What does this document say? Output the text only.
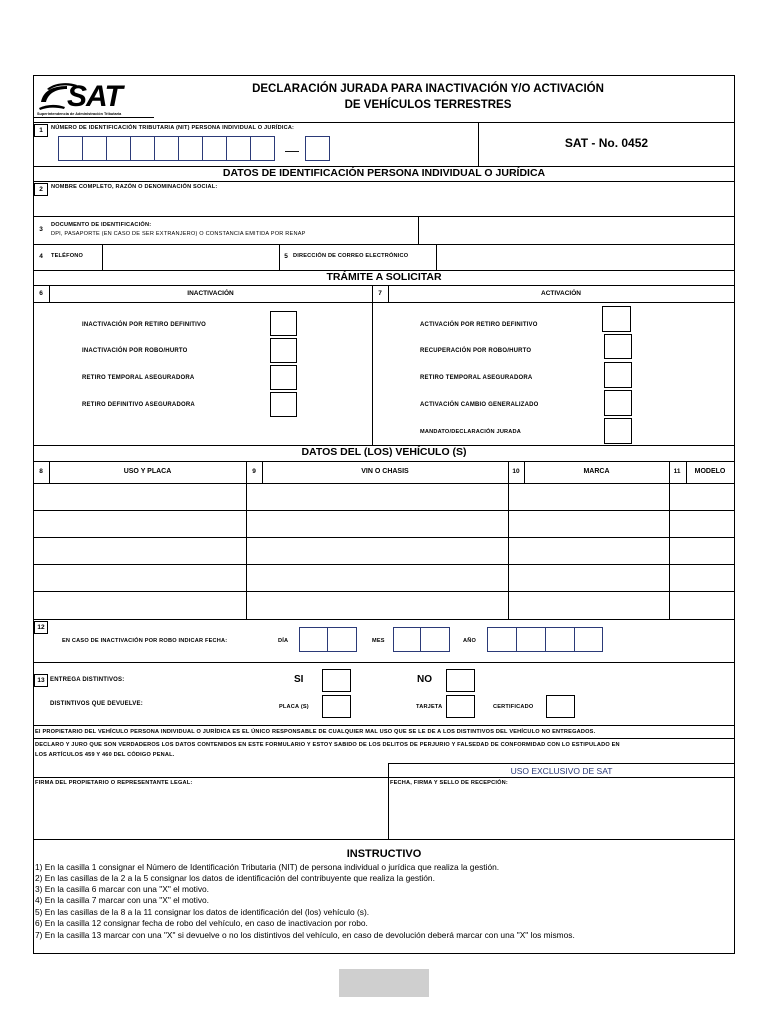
SAT
Superintendencia de Administración Tributaria
DECLARACIÓN JURADA PARA INACTIVACIÓN Y/O ACTIVACIÓN
DE VEHÍCULOS TERRESTRES
1	NÚMERO DE IDENTIFICACIÓN TRIBUTARIA (NIT) PERSONA INDIVIDUAL O JURÍDICA:
—	SAT - No. 0452
DATOS DE IDENTIFICACIÓN PERSONA INDIVIDUAL O JURÍDICA
2	NOMBRE COMPLETO, RAZÓN O DENOMINACIÓN SOCIAL:
3
DOCUMENTO DE IDENTIFICACIÓN:
DPI, PASAPORTE (EN CASO DE SER EXTRANJERO) O CONSTANCIA EMITIDA POR RENAP
4	TELÉFONO	5 DIRECCIÓN DE CORREO ELECTRÓNICO
TRÁMITE A SOLICITAR
6	INACTIVACIÓN	7	ACTIVACIÓN
INACTIVACIÓN POR RETIRO DEFINITIVO
INACTIVACIÓN POR ROBO/HURTO
RETIRO TEMPORAL ASEGURADORA
RETIRO DEFINITIVO ASEGURADORA
ACTIVACIÓN POR RETIRO DEFINITIVO
RECUPERACIÓN POR ROBO/HURTO
RETIRO TEMPORAL ASEGURADORA
ACTIVACIÓN CAMBIO GENERALIZADO
MANDATO/DECLARACIÓN JURADA
DATOS DEL (LOS) VEHÍCULO (S)
8	USO Y PLACA	9	VIN O CHASIS	10	MARCA	11	MODELO
12
EN CASO DE INACTIVACIÓN POR ROBO INDICAR FECHA:	DÍA	MES	AÑO
13 ENTREGA DISTINTIVOS:	SI	NO
DISTINTIVOS QUE DEVUELVE:	PLACA (S)	TARJETA	CERTIFICADO
El PROPIETARIO DEL VEHÍCULO PERSONA INDIVIDUAL O JURÍDICA ES EL ÚNICO RESPONSABLE DE CUALQUIER MAL USO QUE SE LE DE A LOS DISTINTIVOS DEL VEHÍCULO NO ENTREGADOS.
DECLARO Y JURO QUE SON VERDADEROS LOS DATOS CONTENIDOS EN ESTE FORMULARIO Y ESTOY SABIDO DE LOS DELITOS DE PERJURIO Y FALSEDAD DE CONFORMIDAD CON LO ESTIPULADO EN
LOS ARTÍCULOS 459 Y 460 DEL CÓDIGO PENAL.
USO EXCLUSIVO DE SAT
FIRMA DEL PROPIETARIO O REPRESENTANTE LEGAL:	FECHA, FIRMA Y SELLO DE RECEPCIÓN:
INSTRUCTIVO
1) En la casilla 1 consignar el Número de Identificación Tributaria (NIT) de persona individual o jurídica que realiza la gestión.
2) En las casillas de la 2 a la 5 consignar los datos de identificación del contribuyente que realiza la gestión.
3) En la casilla 6 marcar con una "X" el motivo.
4) En la casilla 7 marcar con una "X" el motivo.
5) En las casillas de la 8 a la 11 consignar los datos de identificación del (los) vehículo (s).
6) En la casilla 12 consignar fecha de robo del vehículo, en caso de inactivacion por robo.
7) En la casilla 13 marcar con una "X" si devuelve o no los distintivos del vehículo, en caso de devolución deberá marcar con una "X" los mismos.
